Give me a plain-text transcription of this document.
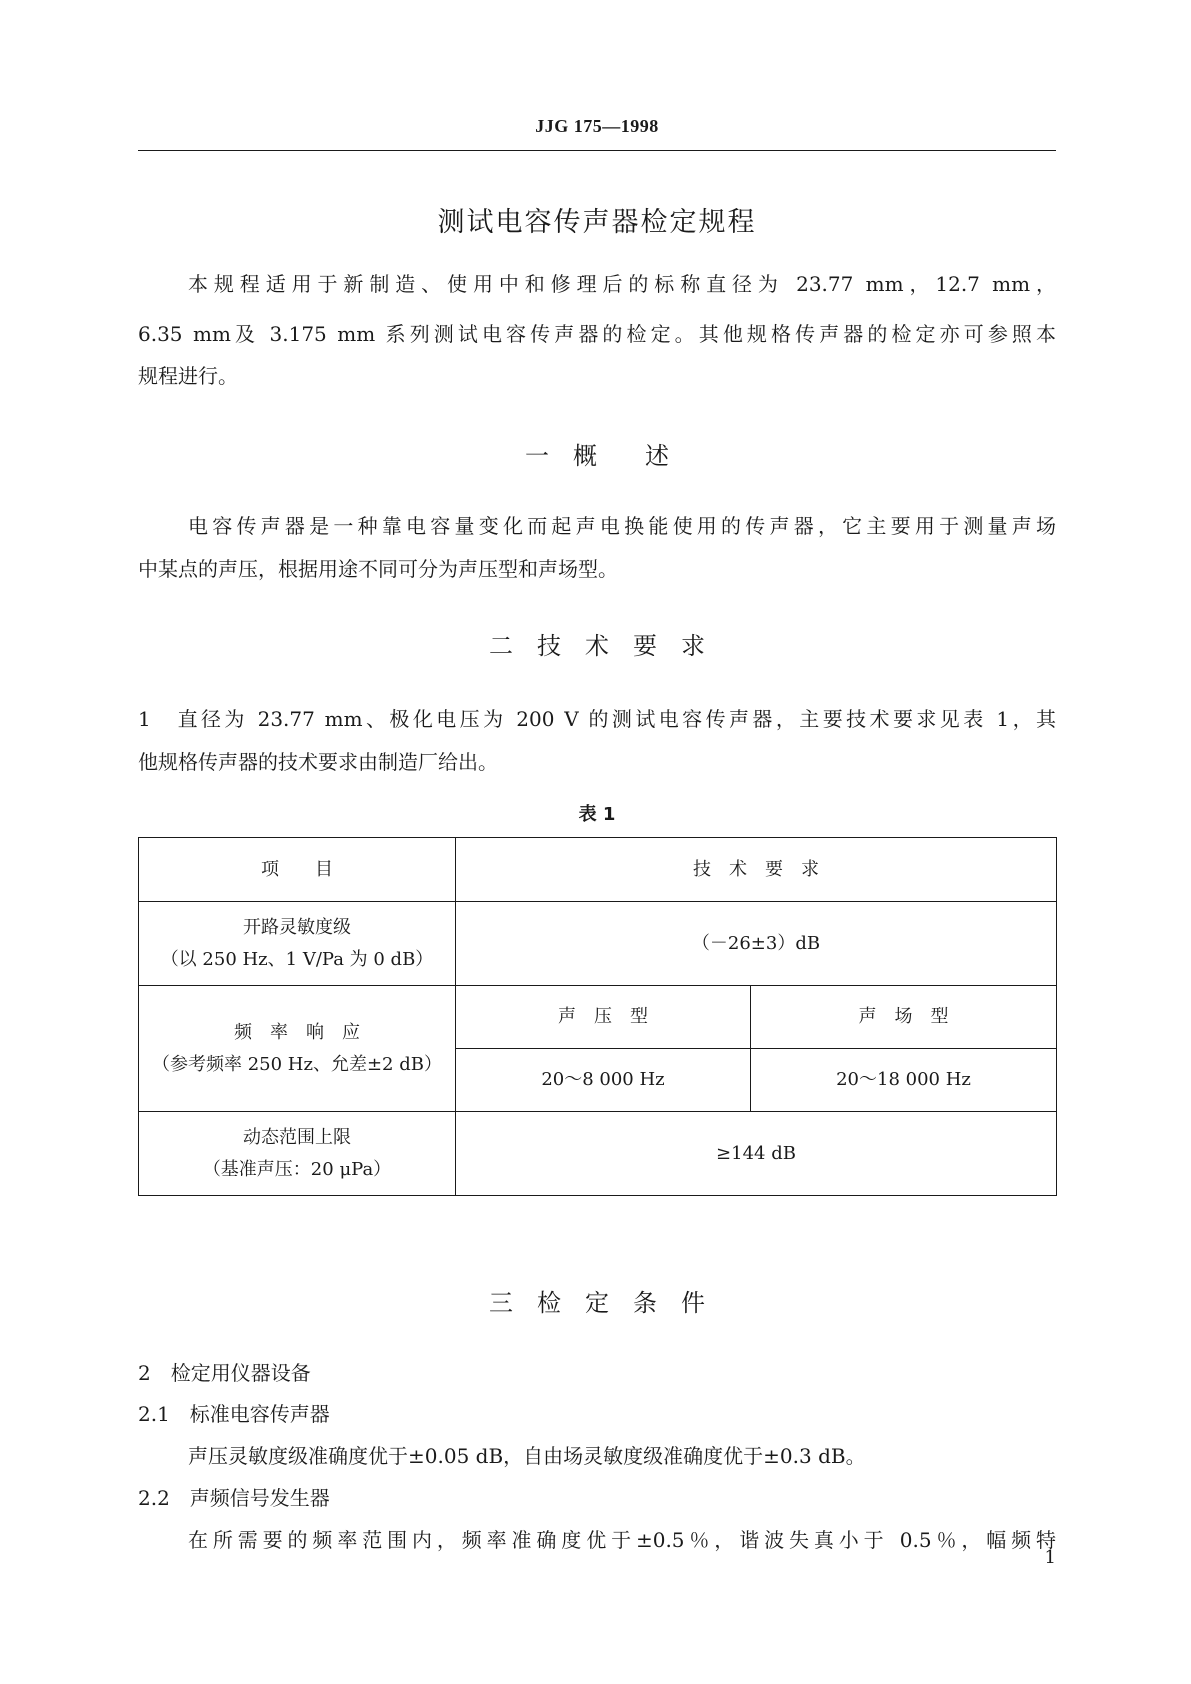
JJG 175—1998
测试电容传声器检定规程
本规程适用于新制造、使用中和修理后的标称直径为 23.77 mm，12.7 mm，
6.35 mm及 3.175 mm 系列测试电容传声器的检定。其他规格传声器的检定亦可参照本
规程进行。
一　概　　述
电容传声器是一种靠电容量变化而起声电换能使用的传声器，它主要用于测量声场
中某点的声压，根据用途不同可分为声压型和声场型。
二　技　术　要　求
1　直径为 23.77 mm、极化电压为 200 V 的测试电容传声器，主要技术要求见表 1，其
他规格传声器的技术要求由制造厂给出。
表 1
项　　目	技　术　要　求	

开路灵敏度级
（以 250 Hz、1 V/Pa 为 0 dB）	（－26±3）dB	

频　率　响　应
（参考频率 250 Hz、允差±2 dB）	声　压　型	声　场　型
	20～8 000 Hz	20～18 000 Hz

动态范围上限
（基准声压：20 μPa）	≥144 dB	
三　检　定　条　件
2　检定用仪器设备
2.1　标准电容传声器
声压灵敏度级准确度优于±0.05 dB，自由场灵敏度级准确度优于±0.3 dB。
2.2　声频信号发生器
在所需要的频率范围内，频率准确度优于±0.5％，谐波失真小于 0.5％，幅频特
1
